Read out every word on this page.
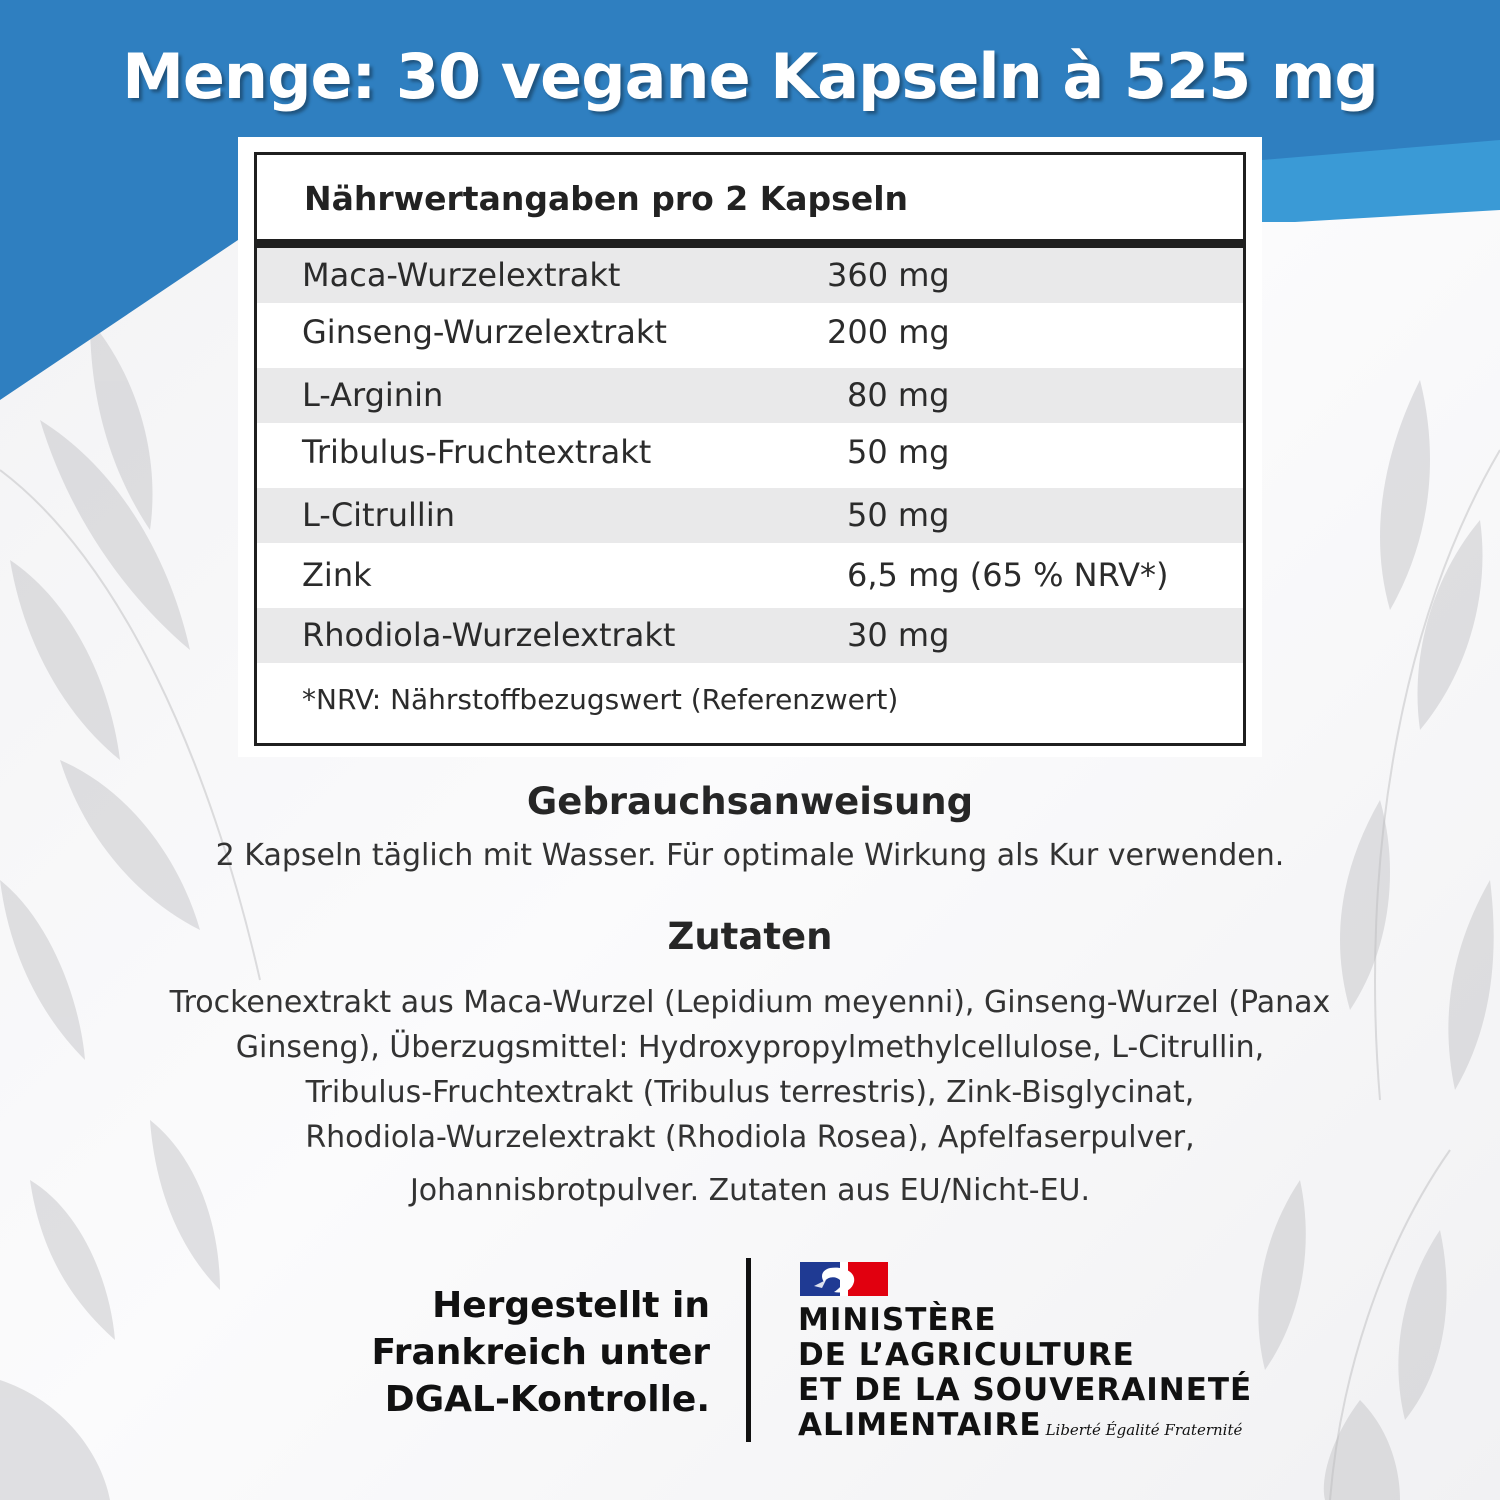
Menge: 30 vegane Kapseln à 525 mg
Nährwertangaben pro 2 Kapseln
Maca-Wurzelextrakt	360 mg
Ginseng-Wurzelextrakt	200 mg
L-Arginin	80 mg
Tribulus-Fruchtextrakt	50 mg
L-Citrullin	50 mg
Zink	6,5 mg (65 % NRV*)
Rhodiola-Wurzelextrakt	30 mg
*NRV: Nährstoffbezugswert (Referenzwert)
Gebrauchsanweisung
2 Kapseln täglich mit Wasser. Für optimale Wirkung als Kur verwenden.
Zutaten
Trockenextrakt aus Maca-Wurzel (Lepidium meyenni), Ginseng-Wurzel (Panax
Ginseng), Überzugsmittel: Hydroxypropylmethylcellulose, L-Citrullin,
Tribulus-Fruchtextrakt (Tribulus terrestris), Zink-Bisglycinat,
Rhodiola-Wurzelextrakt (Rhodiola Rosea), Apfelfaserpulver,
Johannisbrotpulver. Zutaten aus EU/Nicht-EU.
Hergestellt in
Frankreich unter
DGAL-Kontrolle.
MINISTÈRE
DE L’AGRICULTURE
ET DE LA SOUVERAINETÉ
ALIMENTAIRE Liberté Égalité Fraternité
